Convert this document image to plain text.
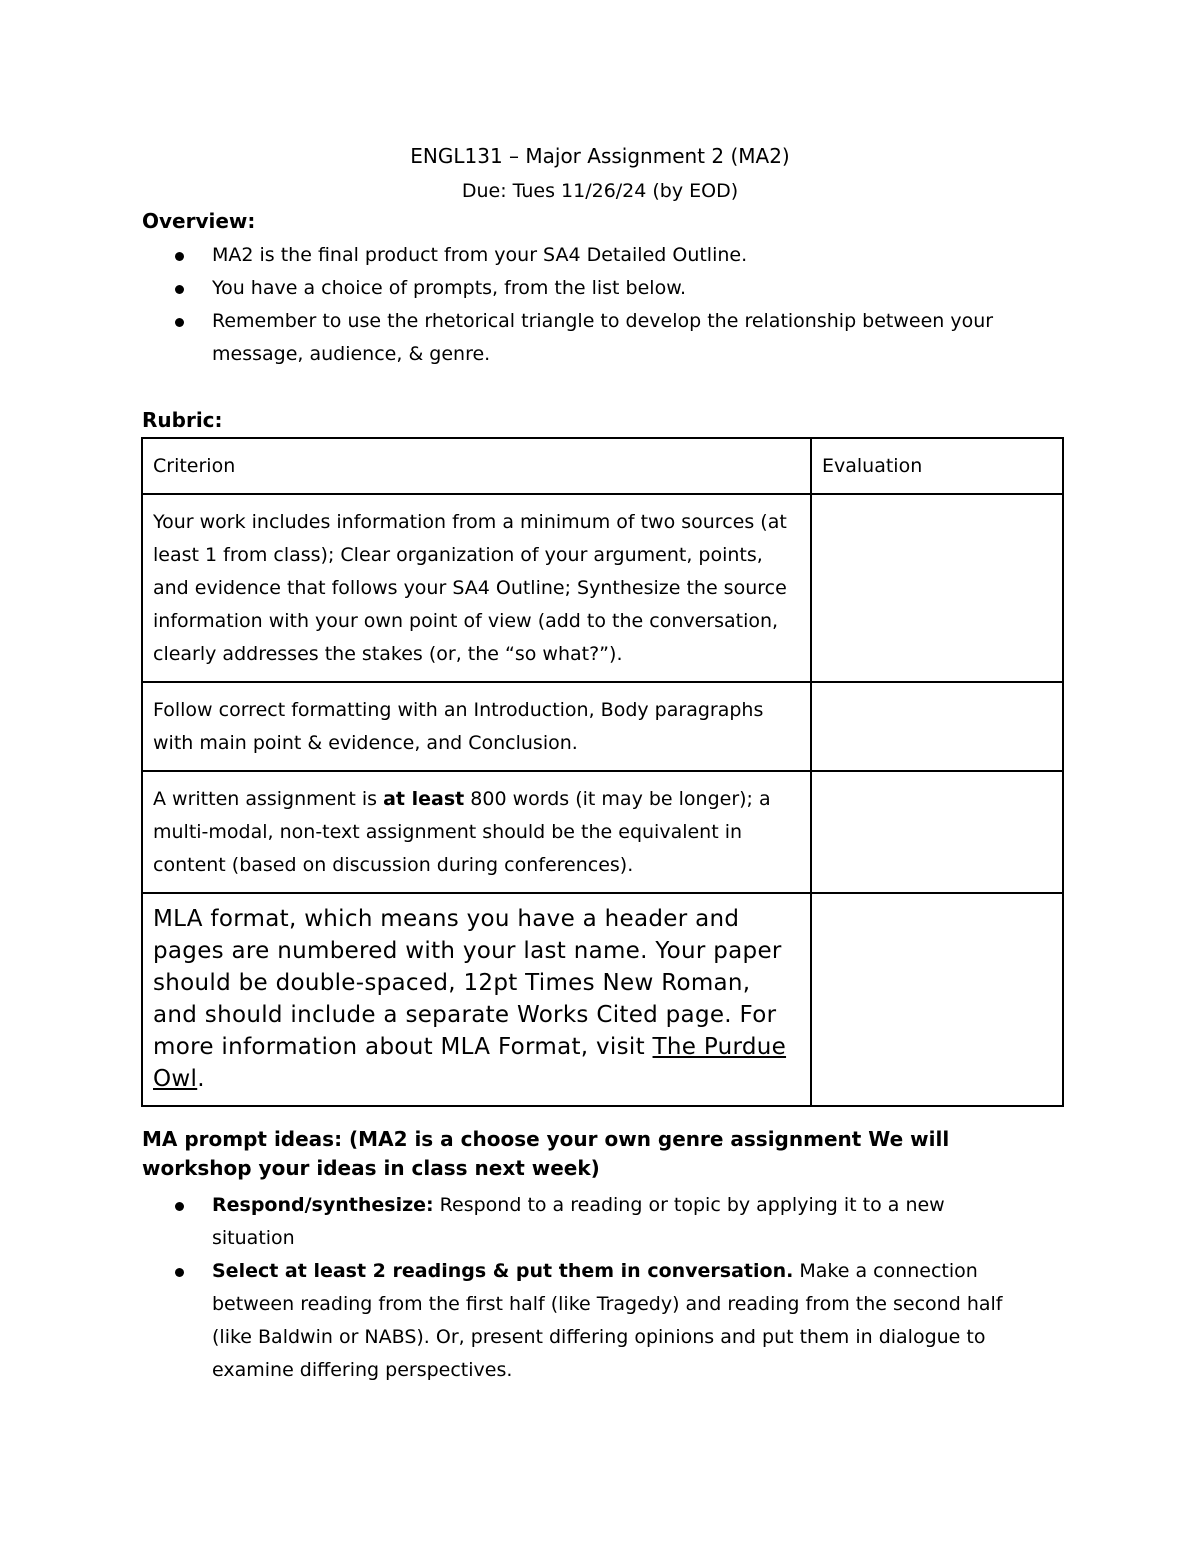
ENGL131 – Major Assignment 2 (MA2)
Due: Tues 11/26/24 (by EOD)
Overview:
MA2 is the final product from your SA4 Detailed Outline.
You have a choice of prompts, from the list below.
Remember to use the rhetorical triangle to develop the relationship between your message, audience, & genre.
Rubric:
Criterion	Evaluation
Your work includes information from a minimum of two sources (at least 1 from class); Clear organization of your argument, points, and evidence that follows your SA4 Outline; Synthesize the source information with your own point of view (add to the conversation, clearly addresses the stakes (or, the “so what?”).	
Follow correct formatting with an Introduction, Body paragraphs with main point & evidence, and Conclusion.	
A written assignment is at least 800 words (it may be longer); a multi-modal, non-text assignment should be the equivalent in content (based on discussion during conferences).	
MLA format, which means you have a header and pages are numbered with your last name. Your paper should be double-spaced, 12pt Times New Roman, and should include a separate Works Cited page. For more information about MLA Format, visit The Purdue Owl.	
MA prompt ideas: (MA2 is a choose your own genre assignment We will workshop your ideas in class next week)
Respond/synthesize: Respond to a reading or topic by applying it to a new situation
Select at least 2 readings & put them in conversation. Make a connection between reading from the first half (like Tragedy) and reading from the second half (like Baldwin or NABS). Or, present differing opinions and put them in dialogue to examine differing perspectives.
